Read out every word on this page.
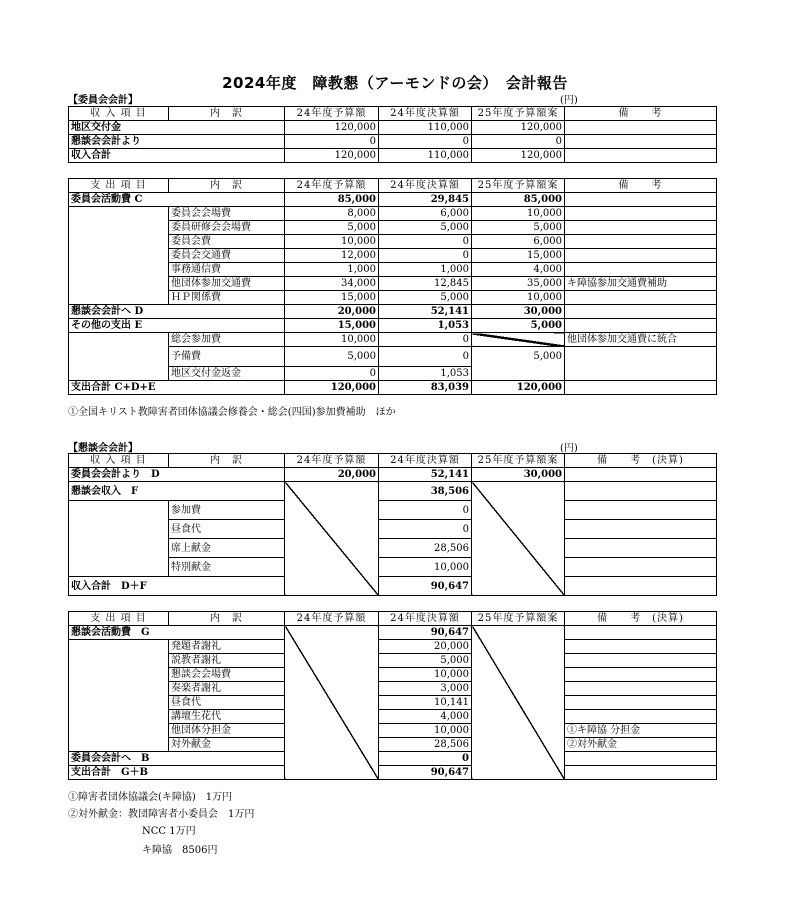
2024年度　障教懇（アーモンドの会）　会計報告
【委員会会計】	(円)
収 入 項 目	内　訳	24年度予算額	24年度決算額	25年度予算額案	備　　考
地区交付金		120,000	110,000	120,000	
懇談会会計より		0	0	0	
収入合計		120,000	110,000	120,000	
支 出 項 目	内　訳	24年度予算額	24年度決算額	25年度予算額案	備　　考
委員会活動費 C		85,000	29,845	85,000	
	委員会会場費	8,000	6,000	10,000	
	委員研修会会場費	5,000	5,000	5,000	
	委員会費	10,000	0	6,000	
	委員会交通費	12,000	0	15,000	
	事務通信費	1,000	1,000	4,000	
	他団体参加交通費	34,000	12,845	35,000	キ障協参加交通費補助
	ＨＰ関係費	15,000	5,000	10,000	
懇談会会計へ D		20,000	52,141	30,000	
その他の支出 E		15,000	1,053	5,000	
	総会参加費	10,000	0		他団体参加交通費に統合
	予備費	5,000	0	5,000	
	地区交付金返金	0	1,053		
支出合計 C+D+E		120,000	83,039	120,000	
①全国キリスト教障害者団体協議会修養会・総会(四国)参加費補助　ほか
【懇談会会計】	(円)
収 入 項 目	内　訳	24年度予算額	24年度決算額	25年度予算額案	備　　考　(決算)
委員会会計より　D		20,000	52,141	30,000	
懇談会収入　F			38,506		
	参加費		0		
	昼食代		0		
	席上献金		28,506		
	特別献金		10,000		
収入合計　D＋F			90,647		
支 出 項 目	内　訳	24年度予算額	24年度決算額	25年度予算額案	備　　考　(決算)
懇談会活動費　G			90,647		
	発題者謝礼		20,000		
	説教者謝礼		5,000		
	懇談会会場費		10,000		
	奏楽者謝礼		3,000		
	昼食代		10,141		
	講壇生花代		4,000		
	他団体分担金		10,000		①キ障協 分担金
	対外献金		28,506		②対外献金
委員会会計へ　B			0		
支出合計　G＋B			90,647		
①障害者団体協議会(キ障協)　1万円
②対外献金：教団障害者小委員会　1万円
NCC 1万円
キ障協　8506円
